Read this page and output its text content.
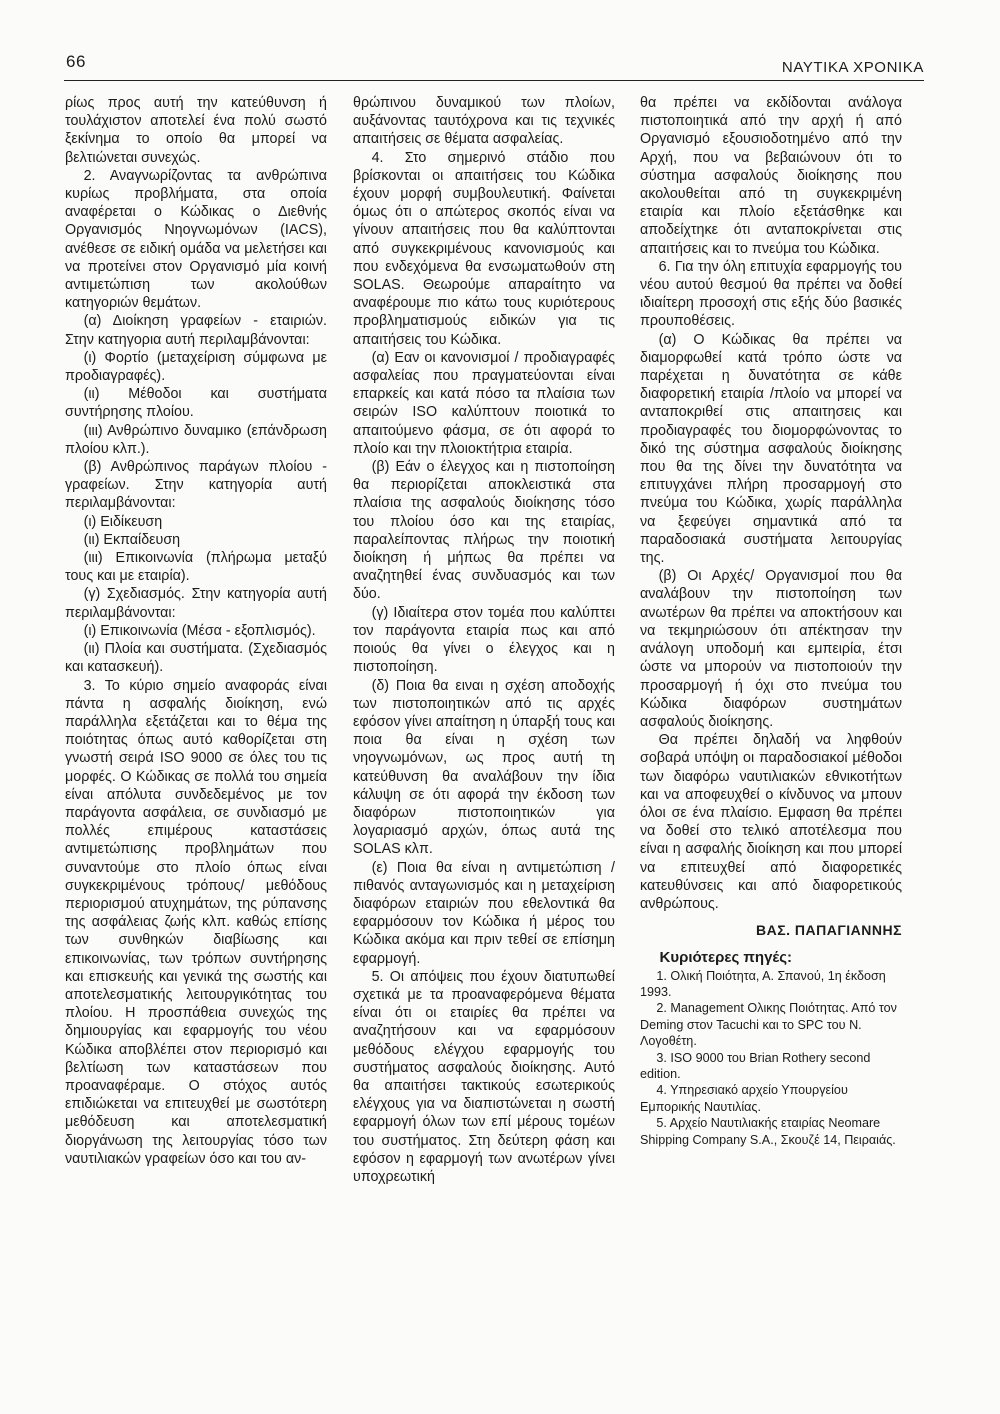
66	ΝΑΥΤΙΚΑ ΧΡΟΝΙΚΑ

ρίως προς αυτή την κατεύθυνση ή τουλάχιστον αποτελεί ένα πολύ σωστό ξεκίνημα το οποίο θα μπορεί να βελτιώνεται συνεχώς.

2. Αναγνωρίζοντας τα ανθρώπινα κυρίως προβλήματα, στα οποία αναφέρεται ο Κώδικας ο Διεθνής Οργανισμός Νηογνωμόνων (IACS), ανέθεσε σε ειδική ομάδα να μελετήσει και να προτείνει στον Οργανισμό μία κοινή αντιμετώπιση των ακολούθων κατηγοριών θεμάτων.

(α) Διοίκηση γραφείων - εταιριών. Στην κατηγορια αυτή περιλαμβάνονται:

(ι) Φορτίο (μεταχείριση σύμφωνα με προδιαγραφές).

(ιι) Μέθοδοι και συστήματα συντήρησης πλοίου.

(ιιι) Ανθρώπινο δυναμικο (επάνδρωση πλοίου κλπ.).

(β) Ανθρώπινος παράγων πλοίου - γραφείων. Στην κατηγορία αυτή περιλαμβάνονται:

(ι) Ειδίκευση

(ιι) Εκπαίδευση

(ιιι) Επικοινωνία (πλήρωμα μεταξύ τους και με εταιρία).

(γ) Σχεδιασμός. Στην κατηγορία αυτή περιλαμβάνονται:

(ι) Επικοινωνία (Μέσα - εξοπλισμός).

(ιι) Πλοία και συστήματα. (Σχεδιασμός και κατασκευή).

3. Το κύριο σημείο αναφοράς είναι πάντα η ασφαλής διοίκηση, ενώ παράλληλα εξετάζεται και το θέμα της ποιότητας όπως αυτό καθορίζεται στη γνωστή σειρά ISO 9000 σε όλες του τις μορφές. Ο Κώδικας σε πολλά του σημεία είναι απόλυτα συνδεδεμένος με τον παράγοντα ασφάλεια, σε συνδιασμό με πολλές επιμέρους καταστάσεις αντιμετώπισης προβλημάτων που συναντούμε στο πλοίο όπως είναι συγκεκριμένους τρόπους/ μεθόδους περιορισμού ατυχημάτων, της ρύπανσης της ασφάλειας ζωής κλπ. καθώς επίσης των συνθηκών διαβίωσης και επικοινωνίας, των τρόπων συντήρησης και επισκευής και γενικά της σωστής και αποτελεσματικής λειτουργικότητας του πλοίου. Η προσπάθεια συνεχώς της δημιουργίας και εφαρμογής του νέου Κώδικα αποβλέπει στον περιορισμό και βελτίωση των καταστάσεων που προαναφέραμε. Ο στόχος αυτός επιδιώκεται να επιτευχθεί με σωστότερη μεθόδευση και αποτελεσματική διοργάνωση της λειτουργίας τόσο των ναυτιλιακών γραφείων όσο και του αν-

θρώπινου δυναμικού των πλοίων, αυξάνοντας ταυτόχρονα και τις τεχνικές απαιτήσεις σε θέματα ασφαλείας.

4. Στο σημερινό στάδιο που βρίσκονται οι απαιτήσεις του Κώδικα έχουν μορφή συμβουλευτική. Φαίνεται όμως ότι ο απώτερος σκοπός είναι να γίνουν απαιτήσεις που θα καλύπτονται από συγκεκριμένους κανονισμούς και που ενδεχόμενα θα ενσωματωθούν στη SOLAS. Θεωρούμε απαραίτητο να αναφέρουμε πιο κάτω τους κυριότερους προβληματισμούς ειδικών για τις απαιτήσεις του Κώδικα.

(α) Εαν οι κανονισμοί / προδιαγραφές ασφαλείας που πραγματεύονται είναι επαρκείς και κατά πόσο τα πλαίσια των σειρών ISO καλύπτουν ποιοτικά το απαιτούμενο φάσμα, σε ότι αφορά το πλοίο και την πλοιοκτήτρια εταιρία.

(β) Εάν ο έλεγχος και η πιστοποίηση θα περιορίζεται αποκλειστικά στα πλαίσια της ασφαλούς διοίκησης τόσο του πλοίου όσο και της εταιρίας, παραλείποντας πλήρως την ποιοτική διοίκηση ή μήπως θα πρέπει να αναζητηθεί ένας συνδυασμός και των δύο.

(γ) Ιδιαίτερα στον τομέα που καλύπτει τον παράγοντα εταιρία πως και από ποιούς θα γίνει ο έλεγχος και η πιστοποίηση.

(δ) Ποια θα ειναι η σχέση αποδοχής των πιστοποιητικών από τις αρχές εφόσον γίνει απαίτηση η ύπαρξή τους και ποια θα είναι η σχέση των νηογνωμόνων, ως προς αυτή τη κατεύθυνση θα αναλάβουν την ίδια κάλυψη σε ότι αφορά την έκδοση των διαφόρων πιστοποιητικών για λογαριασμό αρχών, όπως αυτά της SOLAS κλπ.

(ε) Ποια θα είναι η αντιμετώπιση / πιθανός ανταγωνισμός και η μεταχείριση διαφόρων εταιριών που εθελοντικά θα εφαρμόσουν τον Κώδικα ή μέρος του Κώδικα ακόμα και πριν τεθεί σε επίσημη εφαρμογή.

5. Οι απόψεις που έχουν διατυπωθεί σχετικά με τα προαναφερόμενα θέματα είναι ότι οι εταιρίες θα πρέπει να αναζητήσουν και να εφαρμόσουν μεθόδους ελέγχου εφαρμογής του συστήματος ασφαλούς διοίκησης. Αυτό θα απαιτήσει τακτικούς εσωτερικούς ελέγχους για να διαπιστώνεται η σωστή εφαρμογή όλων των επί μέρους τομέων του συστήματος. Στη δεύτερη φάση και εφόσον η εφαρμογή των ανωτέρων γίνει υποχρεωτική

θα πρέπει να εκδίδονται ανάλογα πιστοποιητικά από την αρχή ή από Οργανισμό εξουσιοδοτημένο από την Αρχή, που να βεβαιώνουν ότι το σύστημα ασφαλούς διοίκησης που ακολουθείται από τη συγκεκριμένη εταιρία και πλοίο εξετάσθηκε και αποδείχτηκε ότι ανταποκρίνεται στις απαιτήσεις και το πνεύμα του Κώδικα.

6. Για την όλη επιτυχία εφαρμογής του νέου αυτού θεσμού θα πρέπει να δοθεί ιδιαίτερη προσοχή στις εξής δύο βασικές προυποθέσεις.

(α) Ο Κώδικας θα πρέπει να διαμορφωθεί κατά τρόπο ώστε να παρέχεται η δυνατότητα σε κάθε διαφορετική εταιρία /πλοίο να μπορεί να ανταποκριθεί στις απαιτησεις και προδιαγραφές του διομορφώνοντας το δικό της σύστημα ασφαλούς διοίκησης που θα της δίνει την δυνατότητα να επιτυγχάνει πλήρη προσαρμογή στο πνεύμα του Κώδικα, χωρίς παράλληλα να ξεφεύγει σημαντικά από τα παραδοσιακά συστήματα λειτουργίας της.

(β) Οι Αρχές/ Οργανισμοί που θα αναλάβουν την πιστοποίηση των ανωτέρων θα πρέπει να αποκτήσουν και να τεκμηριώσουν ότι απέκτησαν την ανάλογη υποδομή και εμπειρία, έτσι ώστε να μπορούν να πιστοποιούν την προσαρμογή ή όχι στο πνεύμα του Κώδικα διαφόρων συστημάτων ασφαλούς διοίκησης.

Θα πρέπει δηλαδή να ληφθούν σοβαρά υπόψη οι παραδοσιακοί μέθοδοι των διαφόρω ναυτιλιακών εθνικοτήτων και να αποφευχθεί ο κίνδυνος να μπουν όλοι σε ένα πλαίσιο. Εμφαση θα πρέπει να δοθεί στο τελικό αποτέλεσμα που είναι η ασφαλής διοίκηση και που μπορεί να επιτευχθεί από διαφορετικές κατευθύνσεις και από διαφορετικούς ανθρώπους.

ΒΑΣ. ΠΑΠΑΓΙΑΝΝΗΣ

Κυριότερες πηγές:

1. Ολική Ποιότητα, Α. Σπανού, 1η έκδοση 1993.

2. Management Ολικης Ποιότητας. Από τον Deming στον Tacuchi και το SPC του Ν. Λογοθέτη.

3. ISO 9000 του Brian Rothery second edition.

4. Υπηρεσιακό αρχείο Υπουργείου Εμπορικής Ναυτιλίας.

5. Αρχείο Ναυτιλιακής εταιρίας Neomare Shipping Company S.A., Σκουζέ 14, Πειραιάς.
